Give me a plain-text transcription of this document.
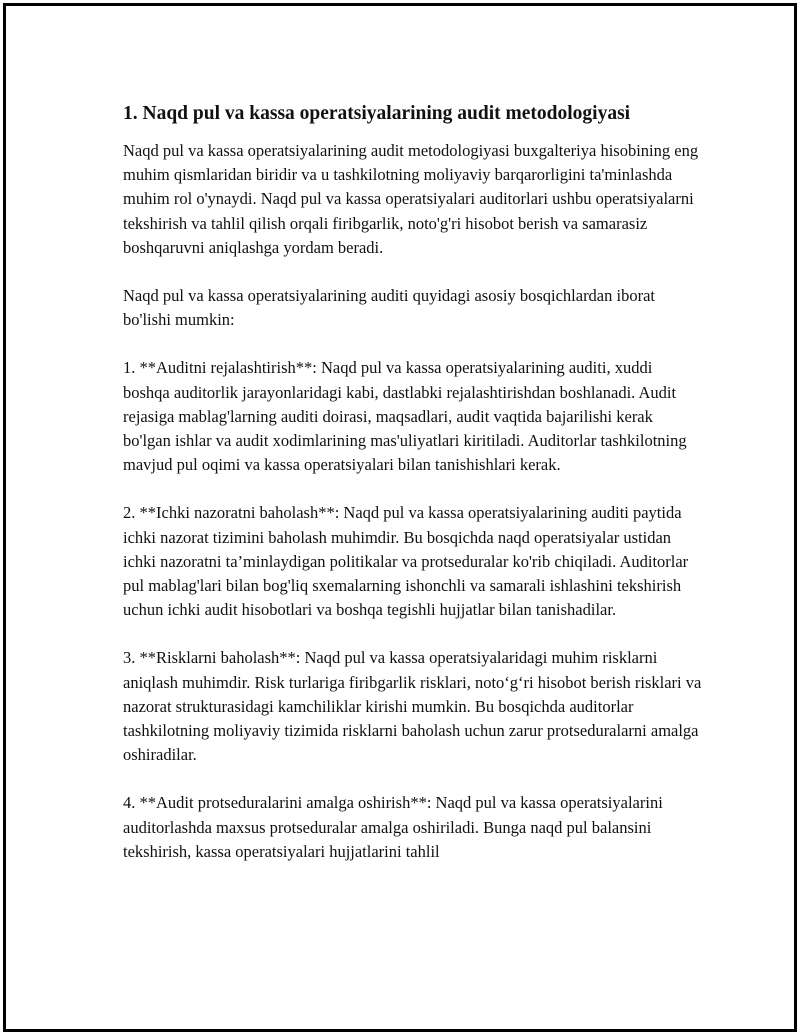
1. Naqd pul va kassa operatsiyalarining audit metodologiyasi

Naqd pul va kassa operatsiyalarining audit metodologiyasi buxgalteriya hisobining eng muhim qismlaridan biridir va u tashkilotning moliyaviy barqarorligini ta'minlashda muhim rol o'ynaydi. Naqd pul va kassa operatsiyalari auditorlari ushbu operatsiyalarni tekshirish va tahlil qilish orqali firibgarlik, noto'g'ri hisobot berish va samarasiz boshqaruvni aniqlashga yordam beradi.

Naqd pul va kassa operatsiyalarining auditi quyidagi asosiy bosqichlardan iborat bo'lishi mumkin:

1. **Auditni rejalashtirish**: Naqd pul va kassa operatsiyalarining auditi, xuddi boshqa auditorlik jarayonlaridagi kabi, dastlabki rejalashtirishdan boshlanadi. Audit rejasiga mablag'larning auditi doirasi, maqsadlari, audit vaqtida bajarilishi kerak bo'lgan ishlar va audit xodimlarining mas'uliyatlari kiritiladi. Auditorlar tashkilotning mavjud pul oqimi va kassa operatsiyalari bilan tanishishlari kerak.

2. **Ichki nazoratni baholash**: Naqd pul va kassa operatsiyalarining auditi paytida ichki nazorat tizimini baholash muhimdir. Bu bosqichda naqd operatsiyalar ustidan ichki nazoratni ta’minlaydigan politikalar va protseduralar ko'rib chiqiladi. Auditorlar pul mablag'lari bilan bog'liq sxemalarning ishonchli va samarali ishlashini tekshirish uchun ichki audit hisobotlari va boshqa tegishli hujjatlar bilan tanishadilar.

3. **Risklarni baholash**: Naqd pul va kassa operatsiyalaridagi muhim risklarni aniqlash muhimdir. Risk turlariga firibgarlik risklari, noto‘g‘ri hisobot berish risklari va nazorat strukturasidagi kamchiliklar kirishi mumkin. Bu bosqichda auditorlar tashkilotning moliyaviy tizimida risklarni baholash uchun zarur protseduralarni amalga oshiradilar.

4. **Audit protseduralarini amalga oshirish**: Naqd pul va kassa operatsiyalarini auditorlashda maxsus protseduralar amalga oshiriladi. Bunga naqd pul balansini tekshirish, kassa operatsiyalari hujjatlarini tahlil
